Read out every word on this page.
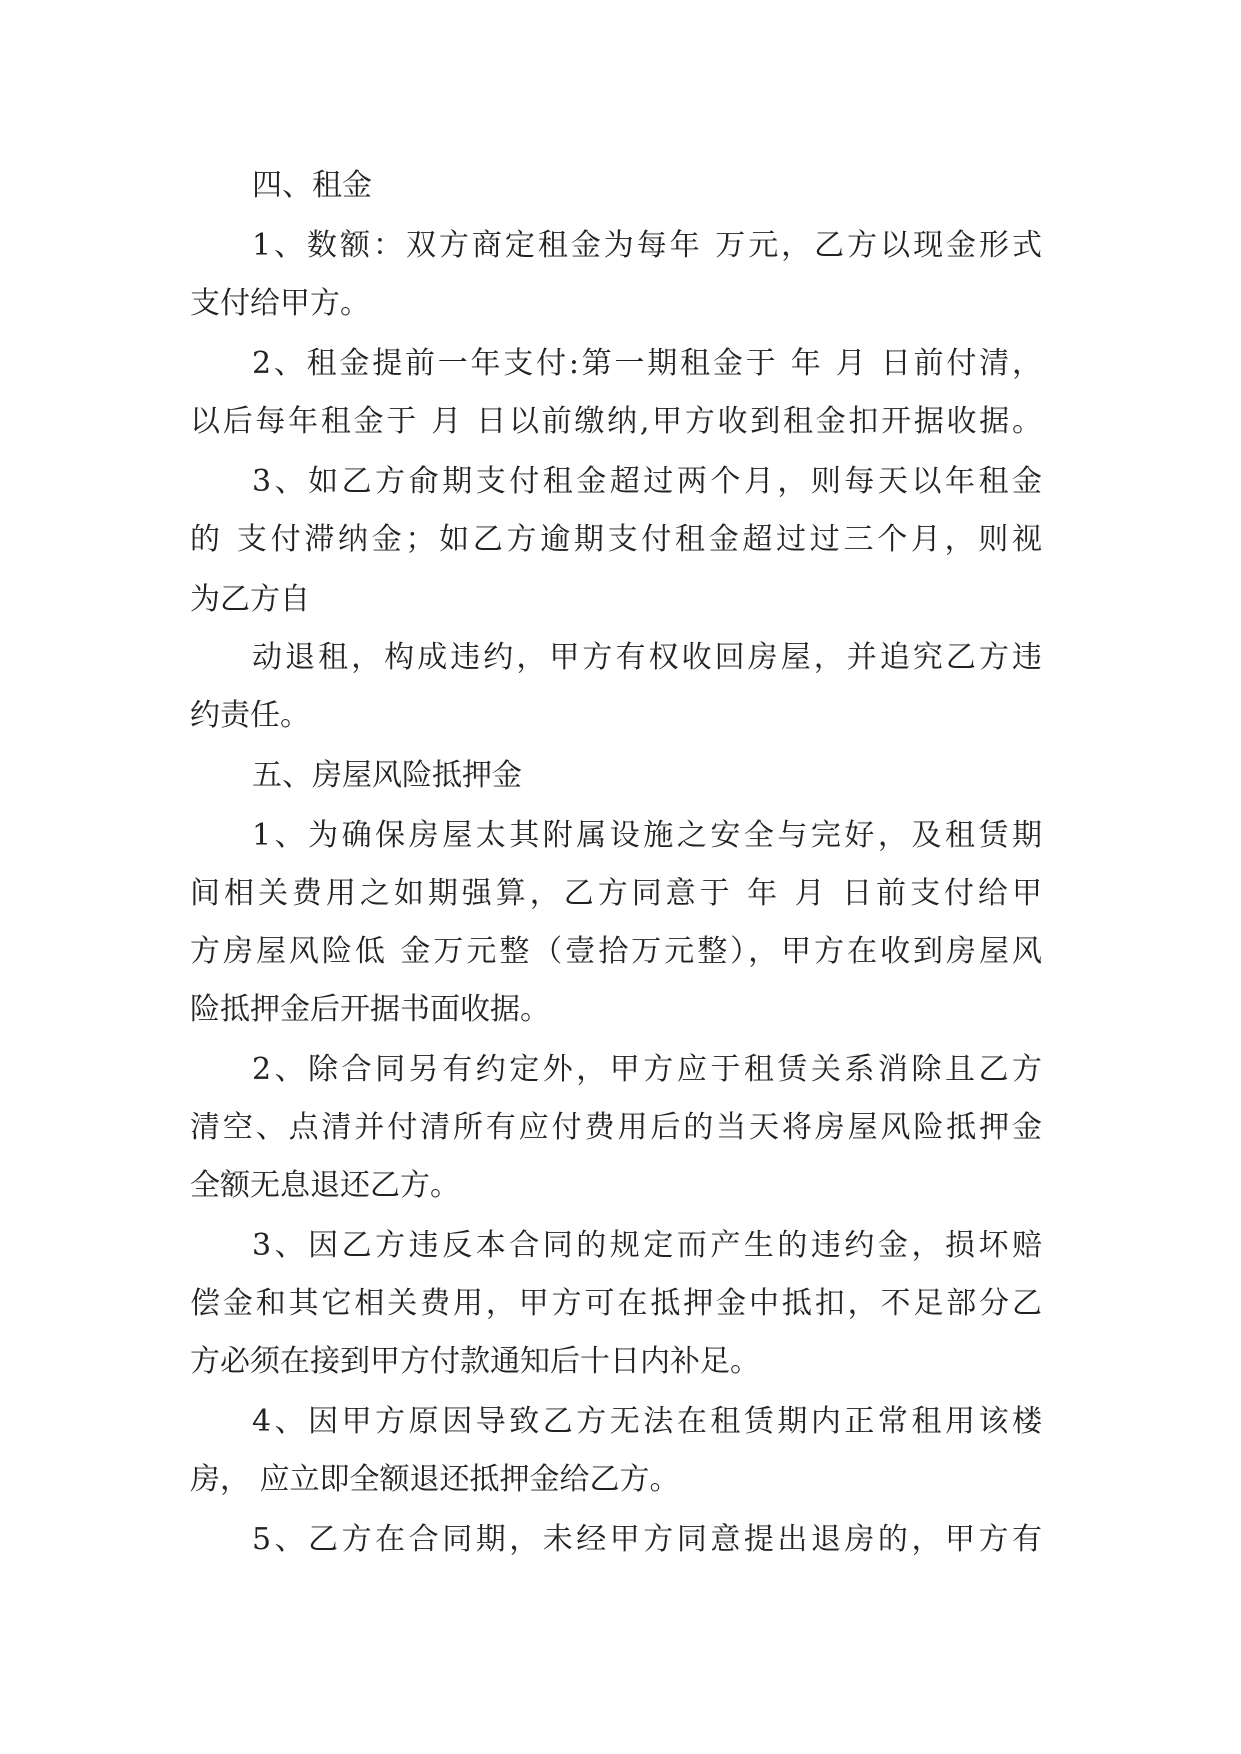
四、租金

1、数额：双方商定租金为每年 万元，乙方以现金形式

支付给甲方。

2、租金提前一年支付:第一期租金于 年 月 日前付清，

以后每年租金于 月 日以前缴纳,甲方收到租金扣开据收据。

3、如乙方俞期支付租金超过两个月，则每天以年租金

的 支付滞纳金；如乙方逾期支付租金超过过三个月，则视

为乙方自

动退租，构成违约，甲方有权收回房屋，并追究乙方违

约责任。

五、房屋风险抵押金

1、为确保房屋太其附属设施之安全与完好，及租赁期

间相关费用之如期强算，乙方同意于 年 月 日前支付给甲

方房屋风险低 金万元整（壹拾万元整），甲方在收到房屋风

险抵押金后开据书面收据。

2、除合同另有约定外，甲方应于租赁关系消除且乙方

清空、点清并付清所有应付费用后的当天将房屋风险抵押金

全额无息退还乙方。

3、因乙方违反本合同的规定而产生的违约金，损坏赔

偿金和其它相关费用，甲方可在抵押金中抵扣，不足部分乙

方必须在接到甲方付款通知后十日内补足。

4、因甲方原因导致乙方无法在租赁期内正常租用该楼

房， 应立即全额退还抵押金给乙方。

5、乙方在合同期，未经甲方同意提出退房的，甲方有
